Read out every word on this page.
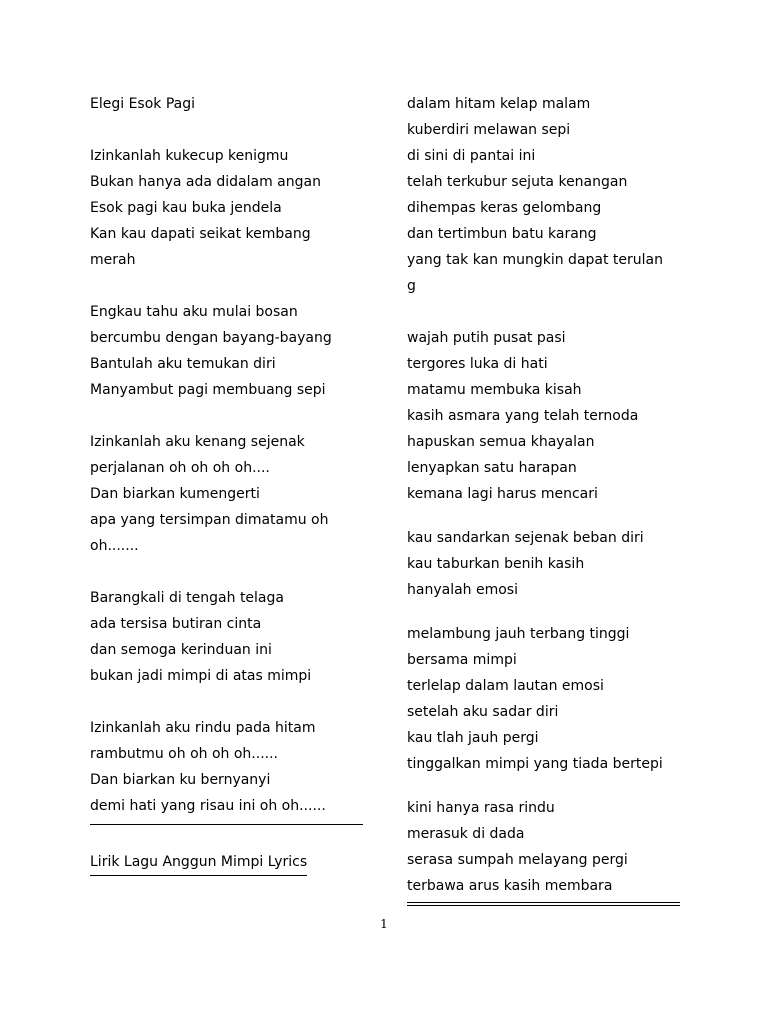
Elegi Esok Pagi
Izinkanlah kukecup kenigmu
Bukan hanya ada didalam angan
Esok pagi kau buka jendela
Kan kau dapati seikat kembang
merah
Engkau tahu aku mulai bosan
bercumbu dengan bayang-bayang
Bantulah aku temukan diri
Manyambut pagi membuang sepi
Izinkanlah aku kenang sejenak
perjalanan oh oh oh oh....
Dan biarkan kumengerti
apa yang tersimpan dimatamu oh
oh.......
Barangkali di tengah telaga
ada tersisa butiran cinta
dan semoga kerinduan ini
bukan jadi mimpi di atas mimpi
Izinkanlah aku rindu pada hitam
rambutmu oh oh oh oh......
Dan biarkan ku bernyanyi
demi hati yang risau ini oh oh......
Lirik Lagu Anggun Mimpi Lyrics
dalam hitam kelap malam
kuberdiri melawan sepi
di sini di pantai ini
telah terkubur sejuta kenangan
dihempas keras gelombang
dan tertimbun batu karang
yang tak kan mungkin dapat terulan
g
wajah putih pusat pasi
tergores luka di hati
matamu membuka kisah
kasih asmara yang telah ternoda
hapuskan semua khayalan
lenyapkan satu harapan
kemana lagi harus mencari
kau sandarkan sejenak beban diri
kau taburkan benih kasih
hanyalah emosi
melambung jauh terbang tinggi
bersama mimpi
terlelap dalam lautan emosi
setelah aku sadar diri
kau tlah jauh pergi
tinggalkan mimpi yang tiada bertepi
kini hanya rasa rindu
merasuk di dada
serasa sumpah melayang pergi
terbawa arus kasih membara
1
